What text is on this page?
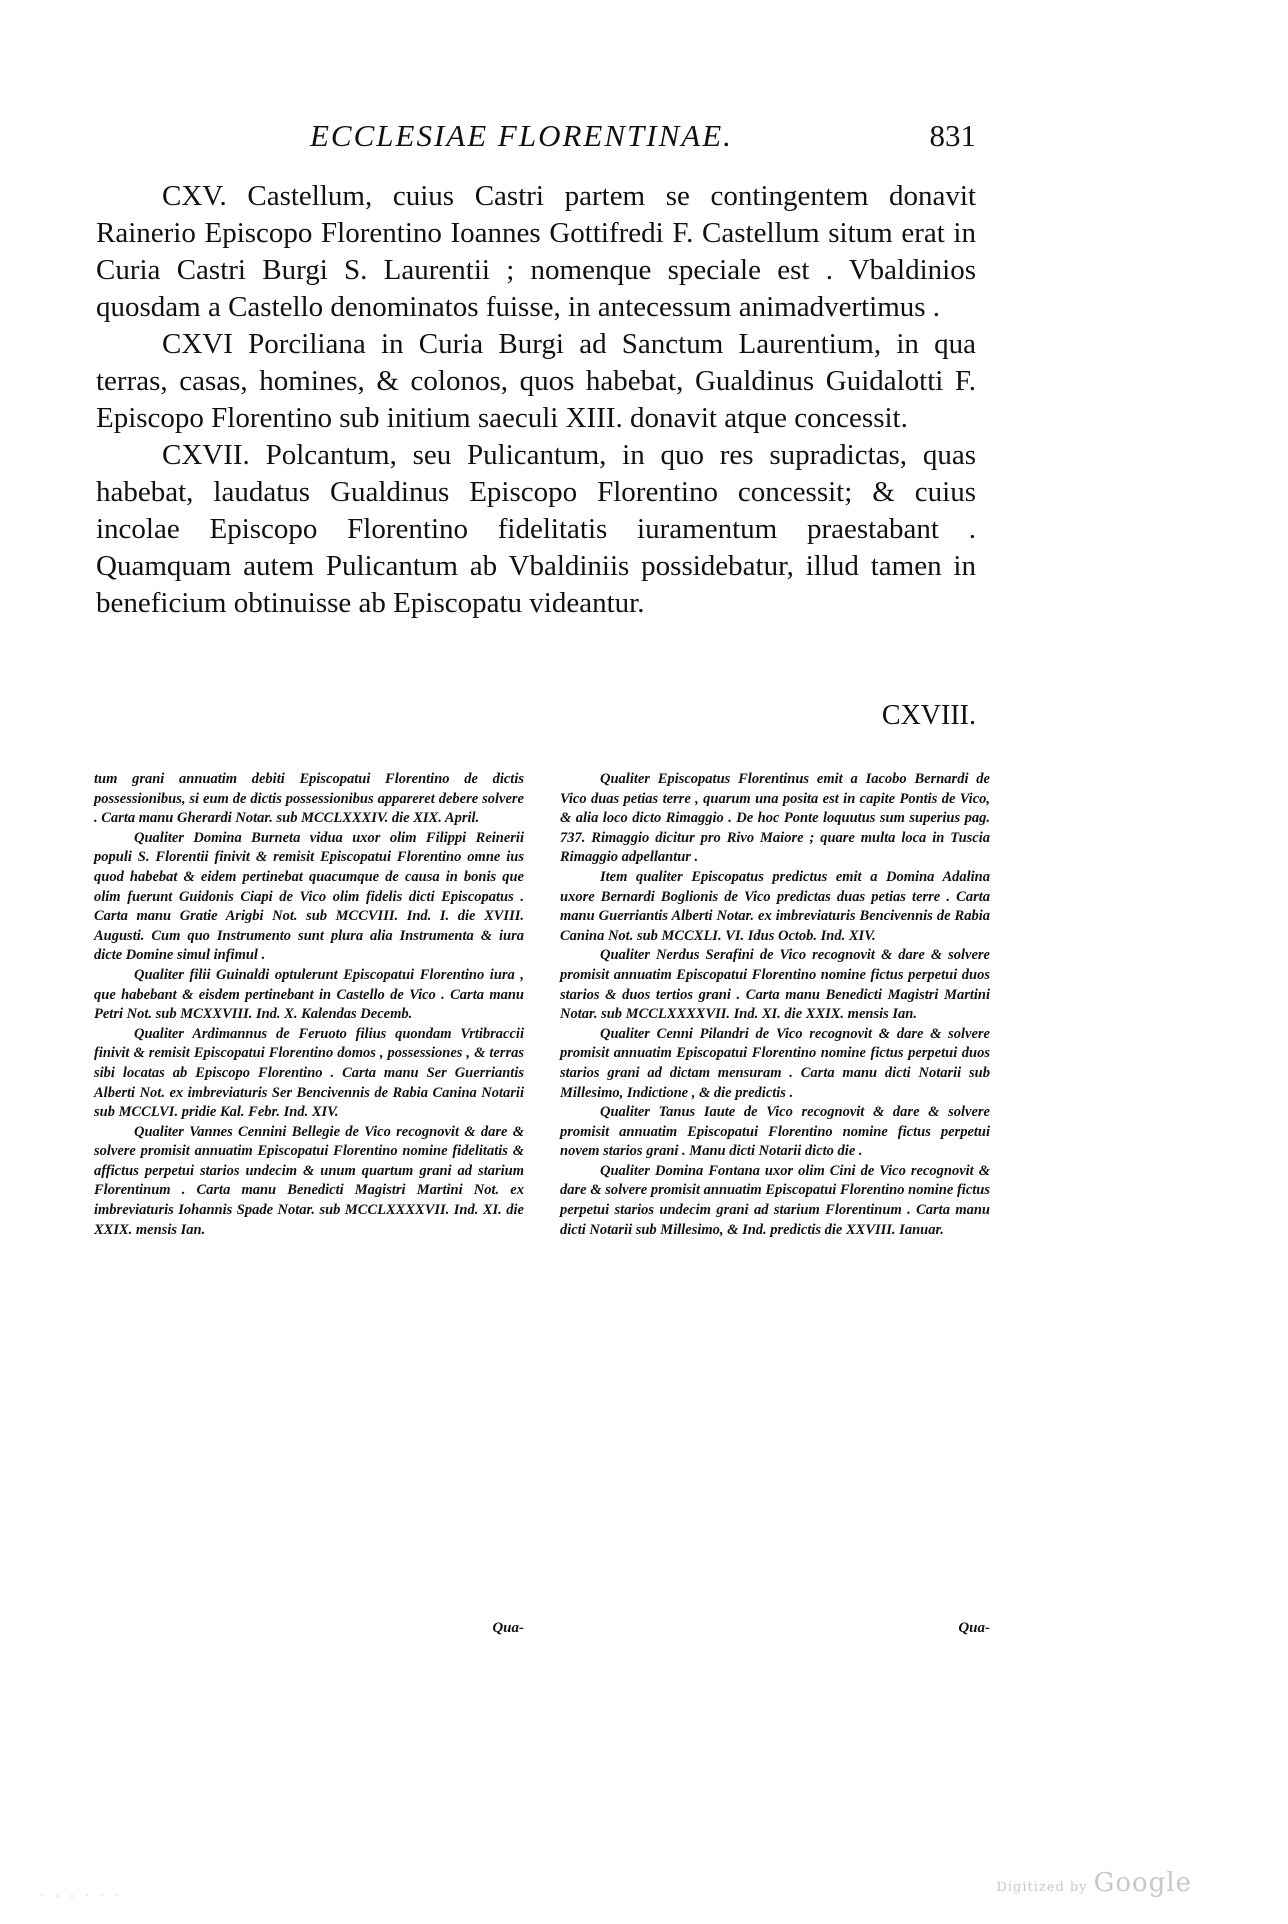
ECCLESIAE FLORENTINAE.	831

CXV. Castellum, cuius Castri partem se contingentem donavit Rainerio Episcopo Florentino Ioannes Gottifredi F. Castellum situm erat in Curia Castri Burgi S. Laurentii ; nomenque speciale est . Vbaldinios quosdam a Castello denominatos fuisse, in antecessum animadvertimus .

CXVI Porciliana in Curia Burgi ad Sanctum Laurentium, in qua terras, casas, homines, & colonos, quos habebat, Gualdinus Guidalotti F. Episcopo Florentino sub initium saeculi XIII. donavit atque concessit.

CXVII. Polcantum, seu Pulicantum, in quo res supradictas, quas habebat, laudatus Gualdinus Episcopo Florentino concessit; & cuius incolae Episcopo Florentino fidelitatis iuramentum praestabant . Quamquam autem Pulicantum ab Vbaldiniis possidebatur, illud tamen in beneficium obtinuisse ab Episcopatu videantur.

CXVIII.

tum grani annuatim debiti Episcopatui Florentino de dictis possessionibus, si eum de dictis possessionibus appareret debere solvere . Carta manu Gherardi Notar. sub MCCLXXXIV. die XIX. April.

Qualiter Domina Burneta vidua uxor olim Filippi Reinerii populi S. Florentii finivit & remisit Episcopatui Florentino omne ius quod habebat & eidem pertinebat quacumque de causa in bonis que olim fuerunt Guidonis Ciapi de Vico olim fidelis dicti Episcopatus . Carta manu Gratie Arigbi Not. sub MCCVIII. Ind. I. die XVIII. Augusti. Cum quo Instrumento sunt plura alia Instrumenta & iura dicte Domine simul infimul .

Qualiter filii Guinaldi optulerunt Episcopatui Florentino iura , que habebant & eisdem pertinebant in Castello de Vico . Carta manu Petri Not. sub MCXXVIII. Ind. X. Kalendas Decemb.

Qualiter Ardimannus de Feruoto filius quondam Vrtibraccii finivit & remisit Episcopatui Florentino domos , possessiones , & terras sibi locatas ab Episcopo Florentino . Carta manu Ser Guerriantis Alberti Not. ex imbreviaturis Ser Bencivennis de Rabia Canina Notarii sub MCCLVI. pridie Kal. Febr. Ind. XIV.

Qualiter Vannes Cennini Bellegie de Vico recognovit & dare & solvere promisit annuatim Episcopatui Florentino nomine fidelitatis & affictus perpetui starios undecim & unum quartum grani ad starium Florentinum . Carta manu Benedicti Magistri Martini Not. ex imbreviaturis Iohannis Spade Notar. sub MCCLXXXXVII. Ind. XI. die XXIX. mensis Ian.

Qua-

Qualiter Episcopatus Florentinus emit a Iacobo Bernardi de Vico duas petias terre , quarum una posita est in capite Pontis de Vico, & alia loco dicto Rimaggio . De hoc Ponte loquutus sum superius pag. 737. Rimaggio dicitur pro Rivo Maiore ; quare multa loca in Tuscia Rimaggio adpellantur .

Item qualiter Episcopatus predictus emit a Domina Adalina uxore Bernardi Boglionis de Vico predictas duas petias terre . Carta manu Guerriantis Alberti Notar. ex imbreviaturis Bencivennis de Rabia Canina Not. sub MCCXLI. VI. Idus Octob. Ind. XIV.

Qualiter Nerdus Serafini de Vico recognovit & dare & solvere promisit annuatim Episcopatui Florentino nomine fictus perpetui duos starios & duos tertios grani . Carta manu Benedicti Magistri Martini Notar. sub MCCLXXXXVII. Ind. XI. die XXIX. mensis Ian.

Qualiter Cenni Pilandri de Vico recognovit & dare & solvere promisit annuatim Episcopatui Florentino nomine fictus perpetui duos starios grani ad dictam mensuram . Carta manu dicti Notarii sub Millesimo, Indictione , & die predictis .

Qualiter Tanus Iaute de Vico recognovit & dare & solvere promisit annuatim Episcopatui Florentino nomine fictus perpetui novem starios grani . Manu dicti Notarii dicto die .

Qualiter Domina Fontana uxor olim Cini de Vico recognovit & dare & solvere promisit annuatim Episcopatui Florentino nomine fictus perpetui starios undecim grani ad starium Florentinum . Carta manu dicti Notarii sub Millesimo, & Ind. predictis die XXVIII. Ianuar.

Qua-
· - - · · ·	Digitized by Google
